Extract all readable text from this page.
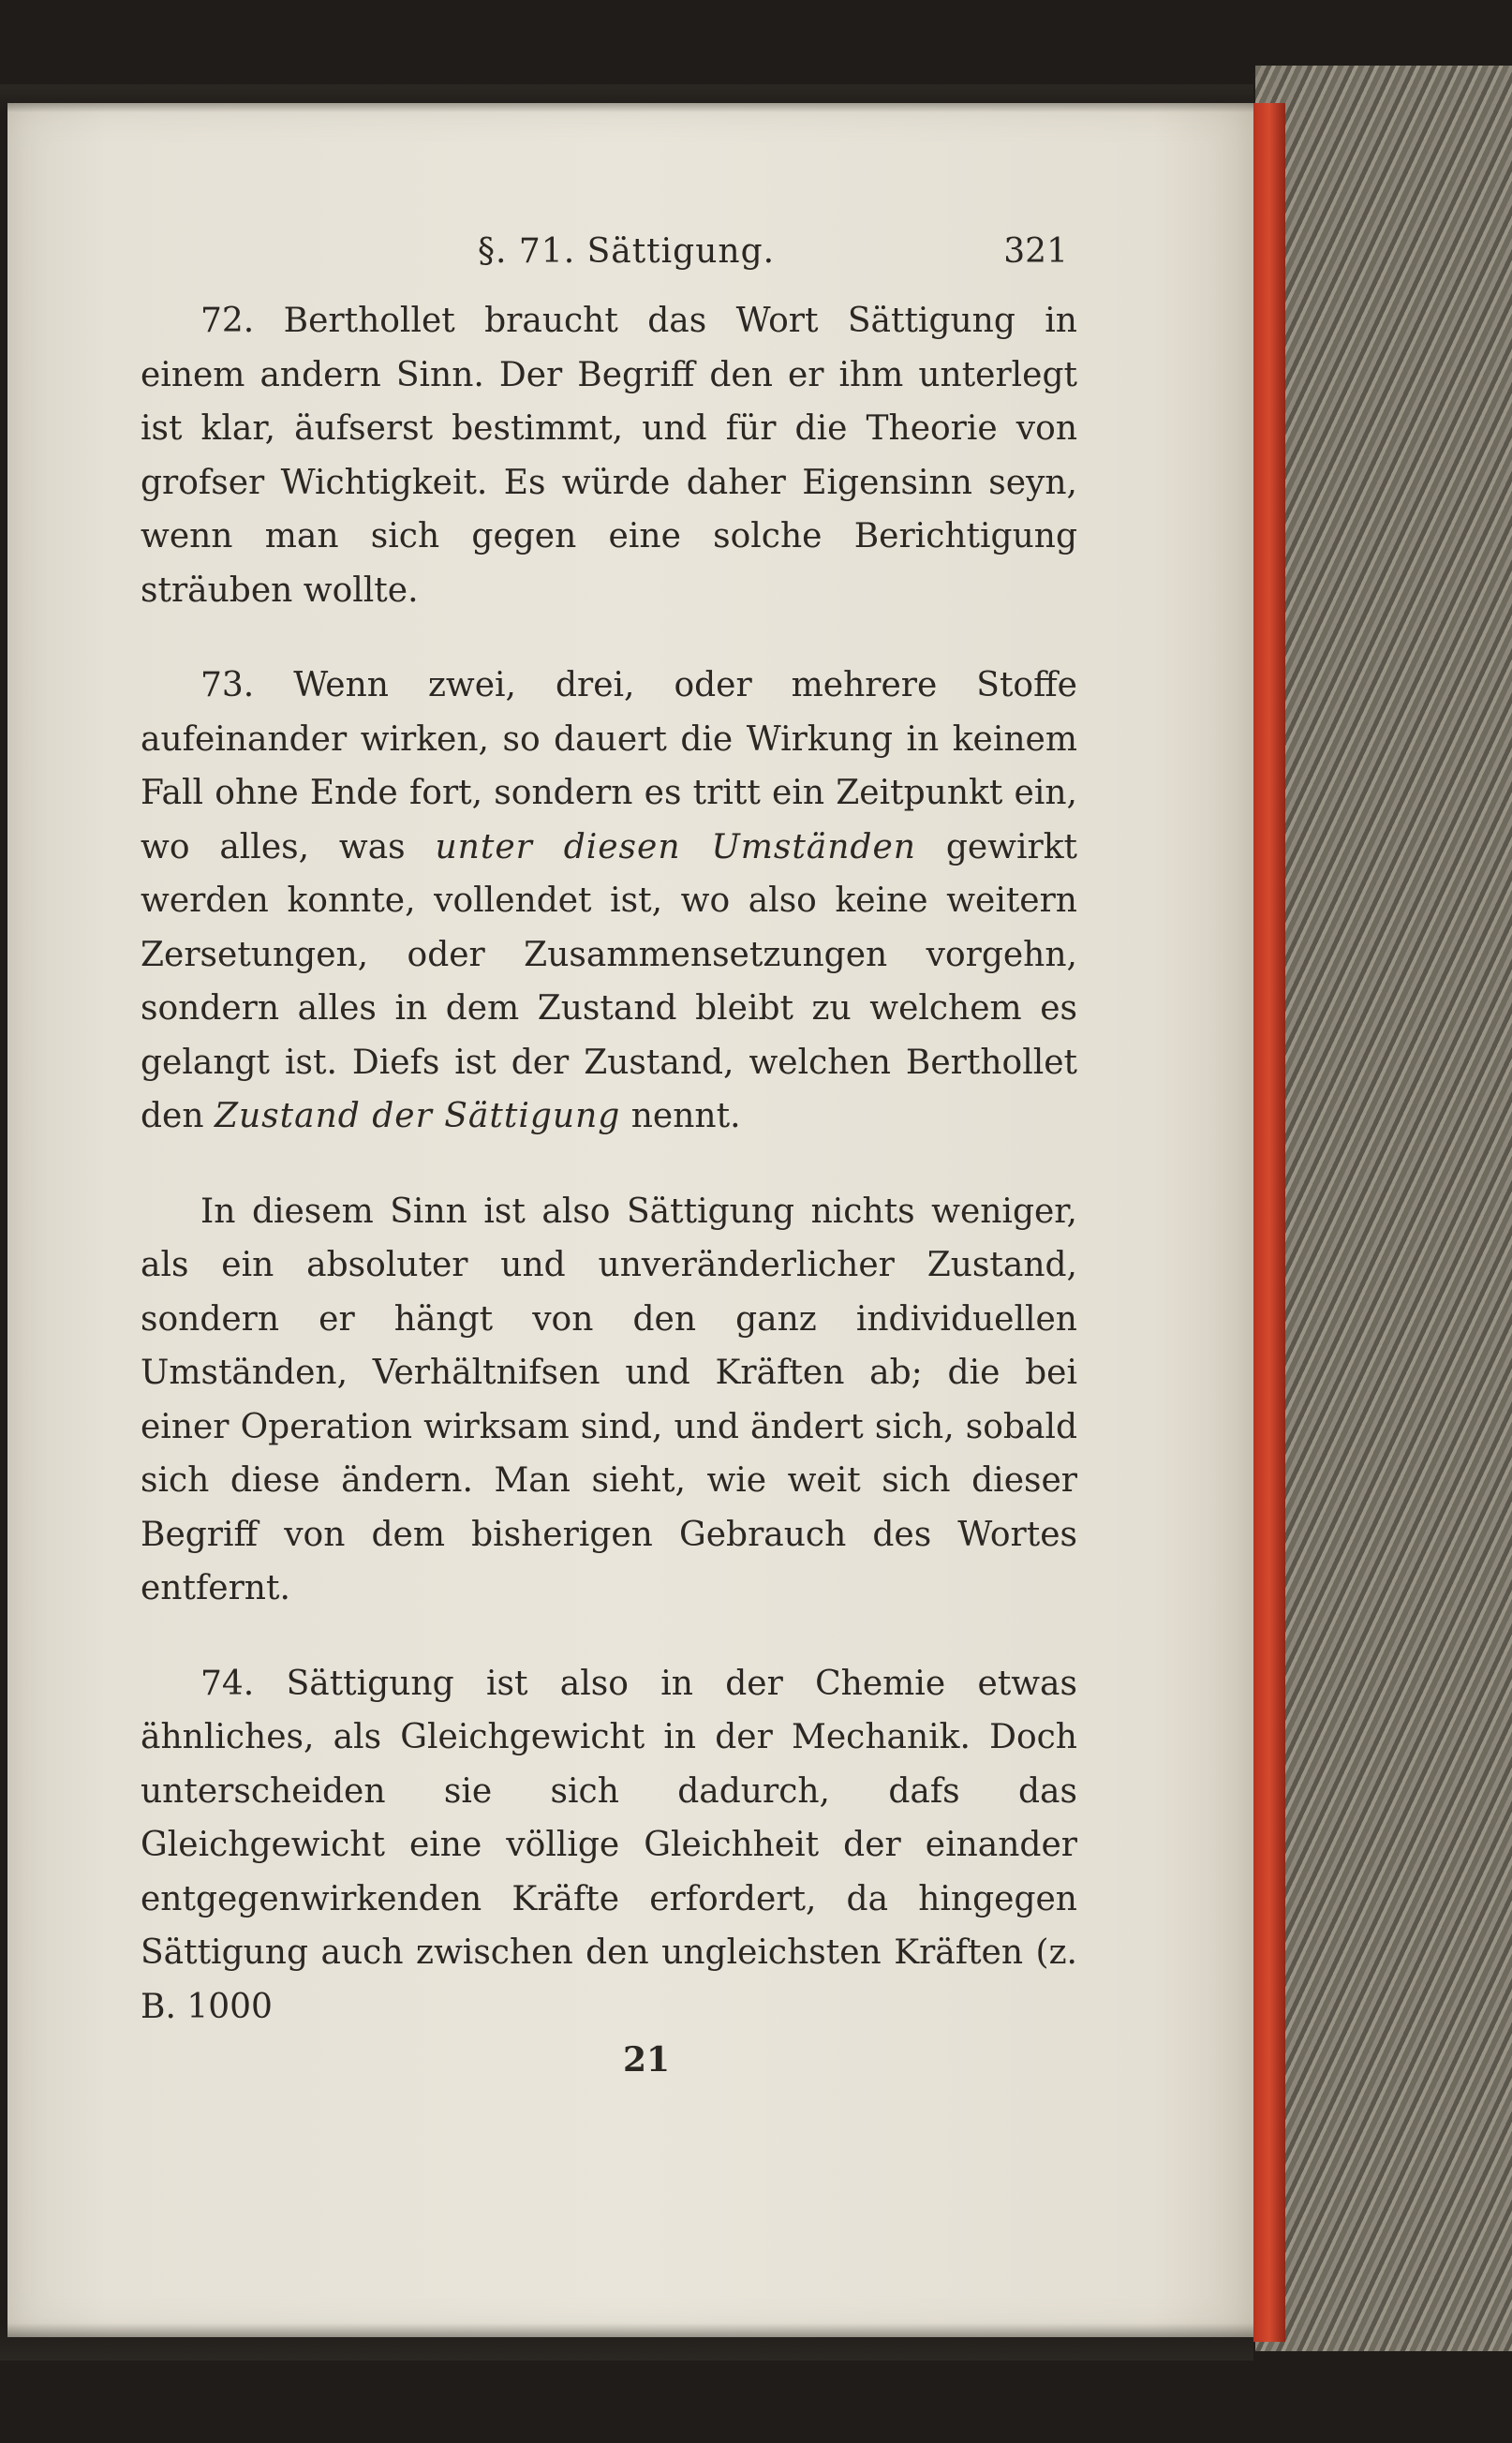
§. 71. Sättigung.	321

72. Berthollet braucht das Wort Sättigung in einem andern Sinn. Der Begriff den er ihm unterlegt ist klar, äufserst bestimmt, und für die Theorie von grofser Wichtigkeit. Es würde daher Eigensinn seyn, wenn man sich gegen eine solche Berichtigung sträuben wollte.

73. Wenn zwei, drei, oder mehrere Stoffe aufeinander wirken, so dauert die Wirkung in keinem Fall ohne Ende fort, sondern es tritt ein Zeitpunkt ein, wo alles, was unter diesen Umständen gewirkt werden konnte, vollendet ist, wo also keine weitern Zersetungen, oder Zusammensetzungen vorgehn, sondern alles in dem Zustand bleibt zu welchem es gelangt ist. Diefs ist der Zustand, welchen Berthollet den Zustand der Sättigung nennt.

In diesem Sinn ist also Sättigung nichts weniger, als ein absoluter und unveränderlicher Zustand, sondern er hängt von den ganz individuellen Umständen, Verhältnifsen und Kräften ab; die bei einer Operation wirksam sind, und ändert sich, sobald sich diese ändern. Man sieht, wie weit sich dieser Begriff von dem bisherigen Gebrauch des Wortes entfernt.

74. Sättigung ist also in der Chemie etwas ähnliches, als Gleichgewicht in der Mechanik. Doch unterscheiden sie sich dadurch, dafs das Gleichgewicht eine völlige Gleichheit der einander entgegenwirkenden Kräfte erfordert, da hingegen Sättigung auch zwischen den ungleichsten Kräften (z. B. 1000

21
